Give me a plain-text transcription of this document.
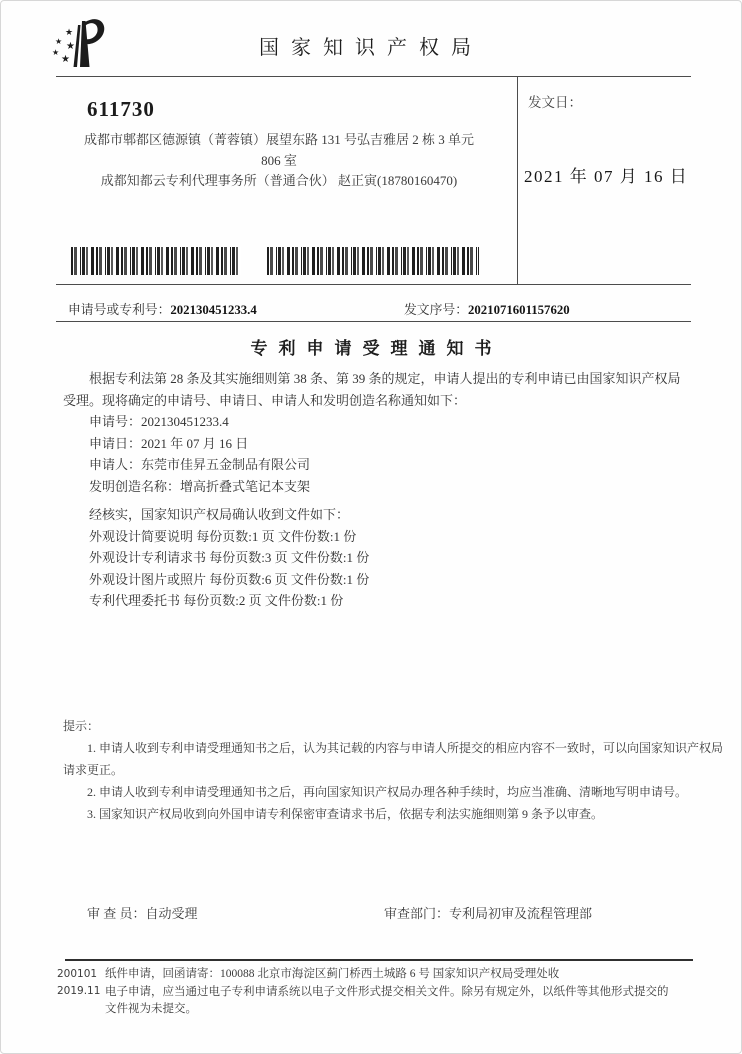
★
★ ★
★
★
国家知识产权局
611730
成都市郫都区德源镇（菁蓉镇）展望东路 131 号弘吉雅居 2 栋 3 单元
806 室
成都知都云专利代理事务所（普通合伙） 赵正寅(18780160470)
发文日：
2021 年 07 月 16 日
申请号或专利号：202130451233.4	发文序号：2021071601157620
专利申请受理通知书
根据专利法第 28 条及其实施细则第 38 条、第 39 条的规定，申请人提出的专利申请已由国家知识产权局
受理。现将确定的申请号、申请日、申请人和发明创造名称通知如下：
申请号：202130451233.4
申请日：2021 年 07 月 16 日
申请人：东莞市佳昇五金制品有限公司
发明创造名称：增高折叠式笔记本支架
经核实，国家知识产权局确认收到文件如下：
外观设计简要说明 每份页数:1 页 文件份数:1 份
外观设计专利请求书 每份页数:3 页 文件份数:1 份
外观设计图片或照片 每份页数:6 页 文件份数:1 份
专利代理委托书 每份页数:2 页 文件份数:1 份
提示：
1. 申请人收到专利申请受理通知书之后，认为其记载的内容与申请人所提交的相应内容不一致时，可以向国家知识产权局
请求更正。
2. 申请人收到专利申请受理通知书之后，再向国家知识产权局办理各种手续时，均应当准确、清晰地写明申请号。
3. 国家知识产权局收到向外国申请专利保密审查请求书后，依据专利法实施细则第 9 条予以审查。
审 查 员：自动受理	审查部门：专利局初审及流程管理部
200101
2019.11
纸件申请，回函请寄：100088 北京市海淀区蓟门桥西土城路 6 号 国家知识产权局受理处收
电子申请，应当通过电子专利申请系统以电子文件形式提交相关文件。除另有规定外，以纸件等其他形式提交的
文件视为未提交。
